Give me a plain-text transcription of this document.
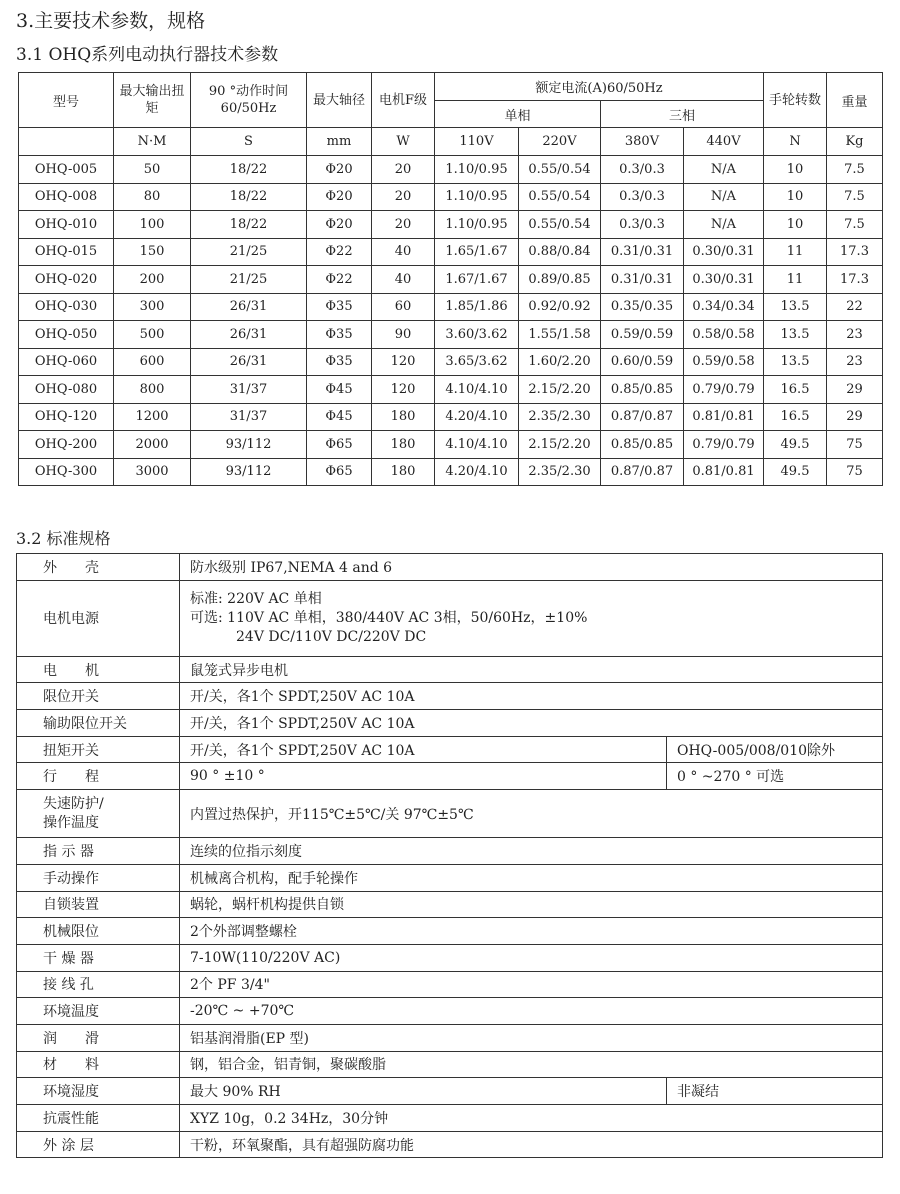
3.主要技术参数，规格
3.1 OHQ系列电动执行器技术参数
型号	最大输出扭矩	90 °动作时间60/50Hz	最大轴径	电机F级	额定电流(A)60/50Hz				手轮转数	重量
					单相		三相			
	N·M	S	mm	W	110V	220V	380V	440V	N	Kg
OHQ-005	50	18/22	Φ20	20	1.10/0.95	0.55/0.54	0.3/0.3	N/A	10	7.5
OHQ-008	80	18/22	Φ20	20	1.10/0.95	0.55/0.54	0.3/0.3	N/A	10	7.5
OHQ-010	100	18/22	Φ20	20	1.10/0.95	0.55/0.54	0.3/0.3	N/A	10	7.5
OHQ-015	150	21/25	Φ22	40	1.65/1.67	0.88/0.84	0.31/0.31	0.30/0.31	11	17.3
OHQ-020	200	21/25	Φ22	40	1.67/1.67	0.89/0.85	0.31/0.31	0.30/0.31	11	17.3
OHQ-030	300	26/31	Φ35	60	1.85/1.86	0.92/0.92	0.35/0.35	0.34/0.34	13.5	22
OHQ-050	500	26/31	Φ35	90	3.60/3.62	1.55/1.58	0.59/0.59	0.58/0.58	13.5	23
OHQ-060	600	26/31	Φ35	120	3.65/3.62	1.60/2.20	0.60/0.59	0.59/0.58	13.5	23
OHQ-080	800	31/37	Φ45	120	4.10/4.10	2.15/2.20	0.85/0.85	0.79/0.79	16.5	29
OHQ-120	1200	31/37	Φ45	180	4.20/4.10	2.35/2.30	0.87/0.87	0.81/0.81	16.5	29
OHQ-200	2000	93/112	Φ65	180	4.10/4.10	2.15/2.20	0.85/0.85	0.79/0.79	49.5	75
OHQ-300	3000	93/112	Φ65	180	4.20/4.10	2.35/2.30	0.87/0.87	0.81/0.81	49.5	75
3.2 标准规格
外　　壳	防水级别 IP67,NEMA 4 and 6	
电机电源	标准: 220V AC 单相
可选: 110V AC 单相，380/440V AC 3相，50/60Hz，±10%
24V DC/110V DC/220V DC	

电　　机	鼠笼式异步电机	
限位开关	开/关，各1个 SPDT,250V AC 10A	
输助限位开关	开/关，各1个 SPDT,250V AC 10A	
扭矩开关	开/关，各1个 SPDT,250V AC 10A	OHQ-005/008/010除外
行　　程	90 ° ±10 °	0 ° ~270 ° 可选

失速防护/
操作温度	内置过热保护，开115℃±5℃/关 97℃±5℃	
指 示 器	连续的位指示刻度	
手动操作	机械离合机构，配手轮操作	
自锁装置	蜗轮，蜗杆机构提供自锁	
机械限位	2个外部调整螺栓	
干 燥 器	7-10W(110/220V AC)	
接 线 孔	2个 PF 3/4"	
环境温度	-20℃ ~ +70℃	
润　　滑	铝基润滑脂(EP 型)	
材　　料	钢，铝合金，铝青铜，聚碳酸脂	
环境湿度	最大 90% RH	非凝结
抗震性能	XYZ 10g，0.2 34Hz，30分钟	
外 涂 层	干粉，环氧聚酯，具有超强防腐功能	
